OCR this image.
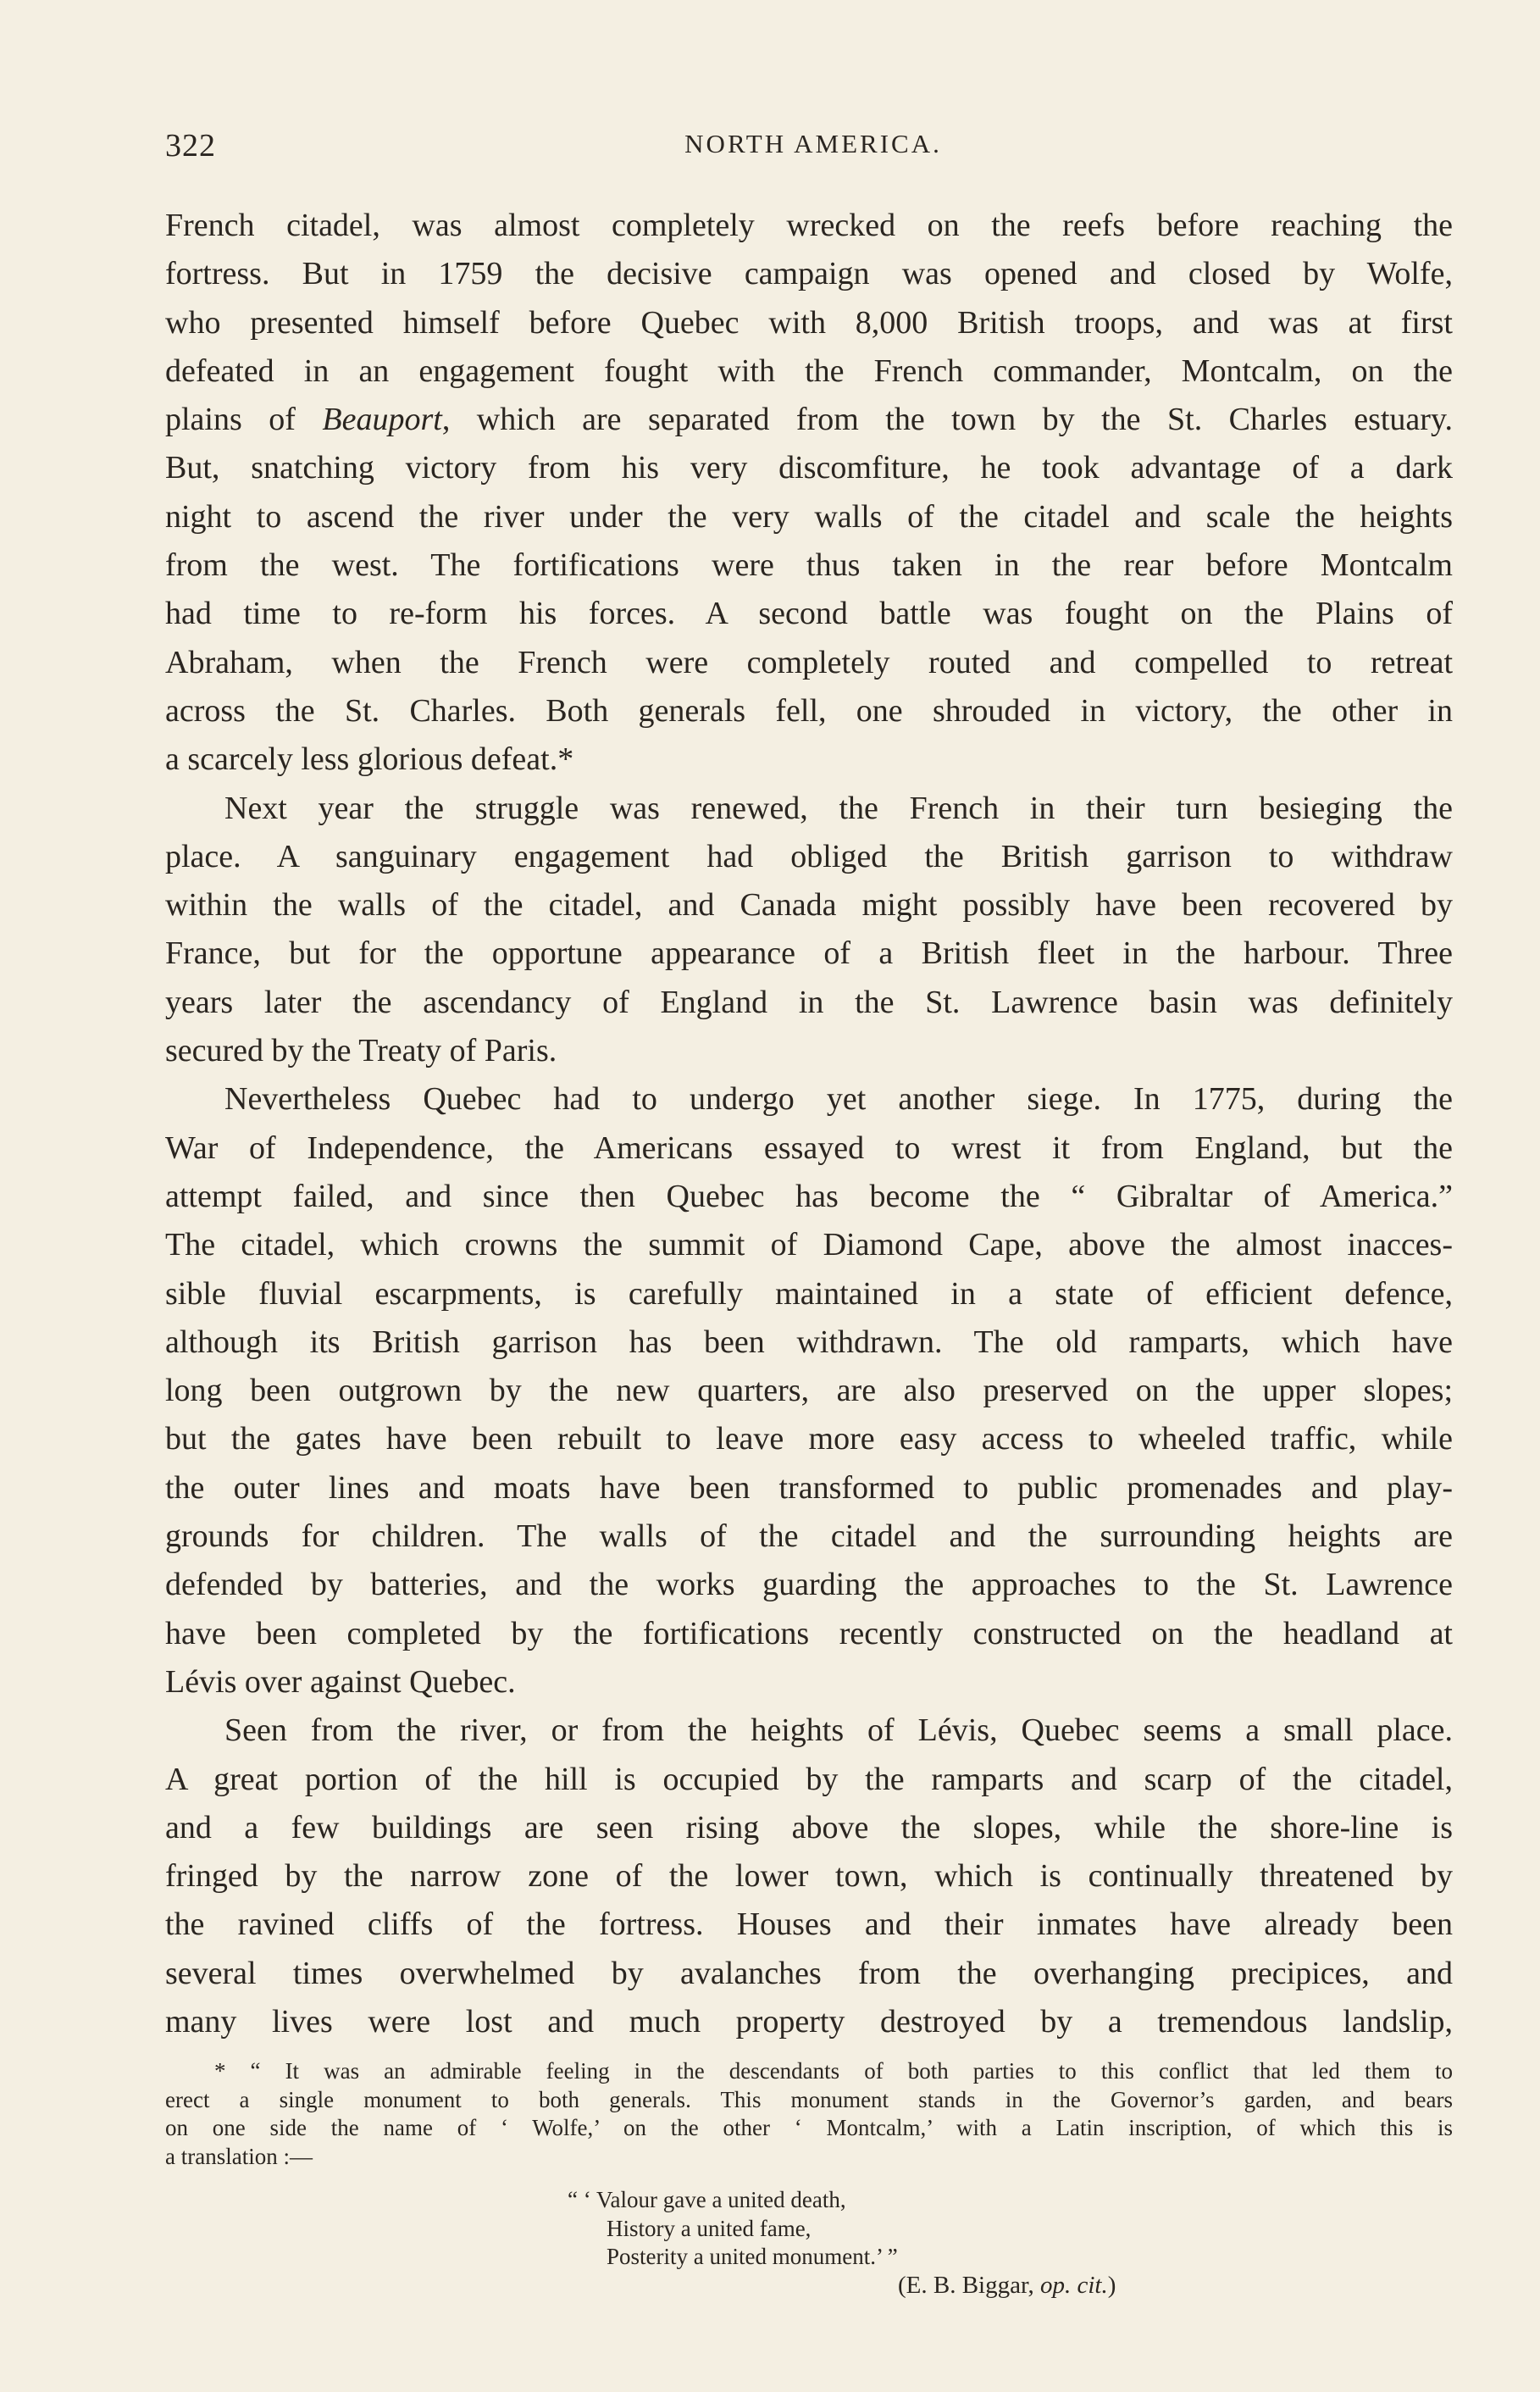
322	NORTH AMERICA.

French citadel, was almost completely wrecked on the reefs before reaching the

fortress. But in 1759 the decisive campaign was opened and closed by Wolfe,

who presented himself before Quebec with 8,000 British troops, and was at first

defeated in an engagement fought with the French commander, Montcalm, on the

plains of Beauport, which are separated from the town by the St. Charles estuary.

But, snatching victory from his very discomfiture, he took advantage of a dark

night to ascend the river under the very walls of the citadel and scale the heights

from the west. The fortifications were thus taken in the rear before Montcalm

had time to re-form his forces. A second battle was fought on the Plains of

Abraham, when the French were completely routed and compelled to retreat

across the St. Charles. Both generals fell, one shrouded in victory, the other in

a scarcely less glorious defeat.*

Next year the struggle was renewed, the French in their turn besieging the

place. A sanguinary engagement had obliged the British garrison to withdraw

within the walls of the citadel, and Canada might possibly have been recovered by

France, but for the opportune appearance of a British fleet in the harbour. Three

years later the ascendancy of England in the St. Lawrence basin was definitely

secured by the Treaty of Paris.

Nevertheless Quebec had to undergo yet another siege. In 1775, during the

War of Independence, the Americans essayed to wrest it from England, but the

attempt failed, and since then Quebec has become the “ Gibraltar of America.”

The citadel, which crowns the summit of Diamond Cape, above the almost inacces-

sible fluvial escarpments, is carefully maintained in a state of efficient defence,

although its British garrison has been withdrawn. The old ramparts, which have

long been outgrown by the new quarters, are also preserved on the upper slopes;

but the gates have been rebuilt to leave more easy access to wheeled traffic, while

the outer lines and moats have been transformed to public promenades and play-

grounds for children. The walls of the citadel and the surrounding heights are

defended by batteries, and the works guarding the approaches to the St. Lawrence

have been completed by the fortifications recently constructed on the headland at

Lévis over against Quebec.

Seen from the river, or from the heights of Lévis, Quebec seems a small place.

A great portion of the hill is occupied by the ramparts and scarp of the citadel,

and a few buildings are seen rising above the slopes, while the shore-line is

fringed by the narrow zone of the lower town, which is continually threatened by

the ravined cliffs of the fortress. Houses and their inmates have already been

several times overwhelmed by avalanches from the overhanging precipices, and

many lives were lost and much property destroyed by a tremendous landslip,

* “ It was an admirable feeling in the descendants of both parties to this conflict that led them to

erect a single monument to both generals. This monument stands in the Governor’s garden, and bears

on one side the name of ‘ Wolfe,’ on the other ‘ Montcalm,’ with a Latin inscription, of which this is

a translation :—

“ ‘ Valour gave a united death,

History a united fame,

Posterity a united monument.’ ”

(E. B. Biggar, op. cit.)
